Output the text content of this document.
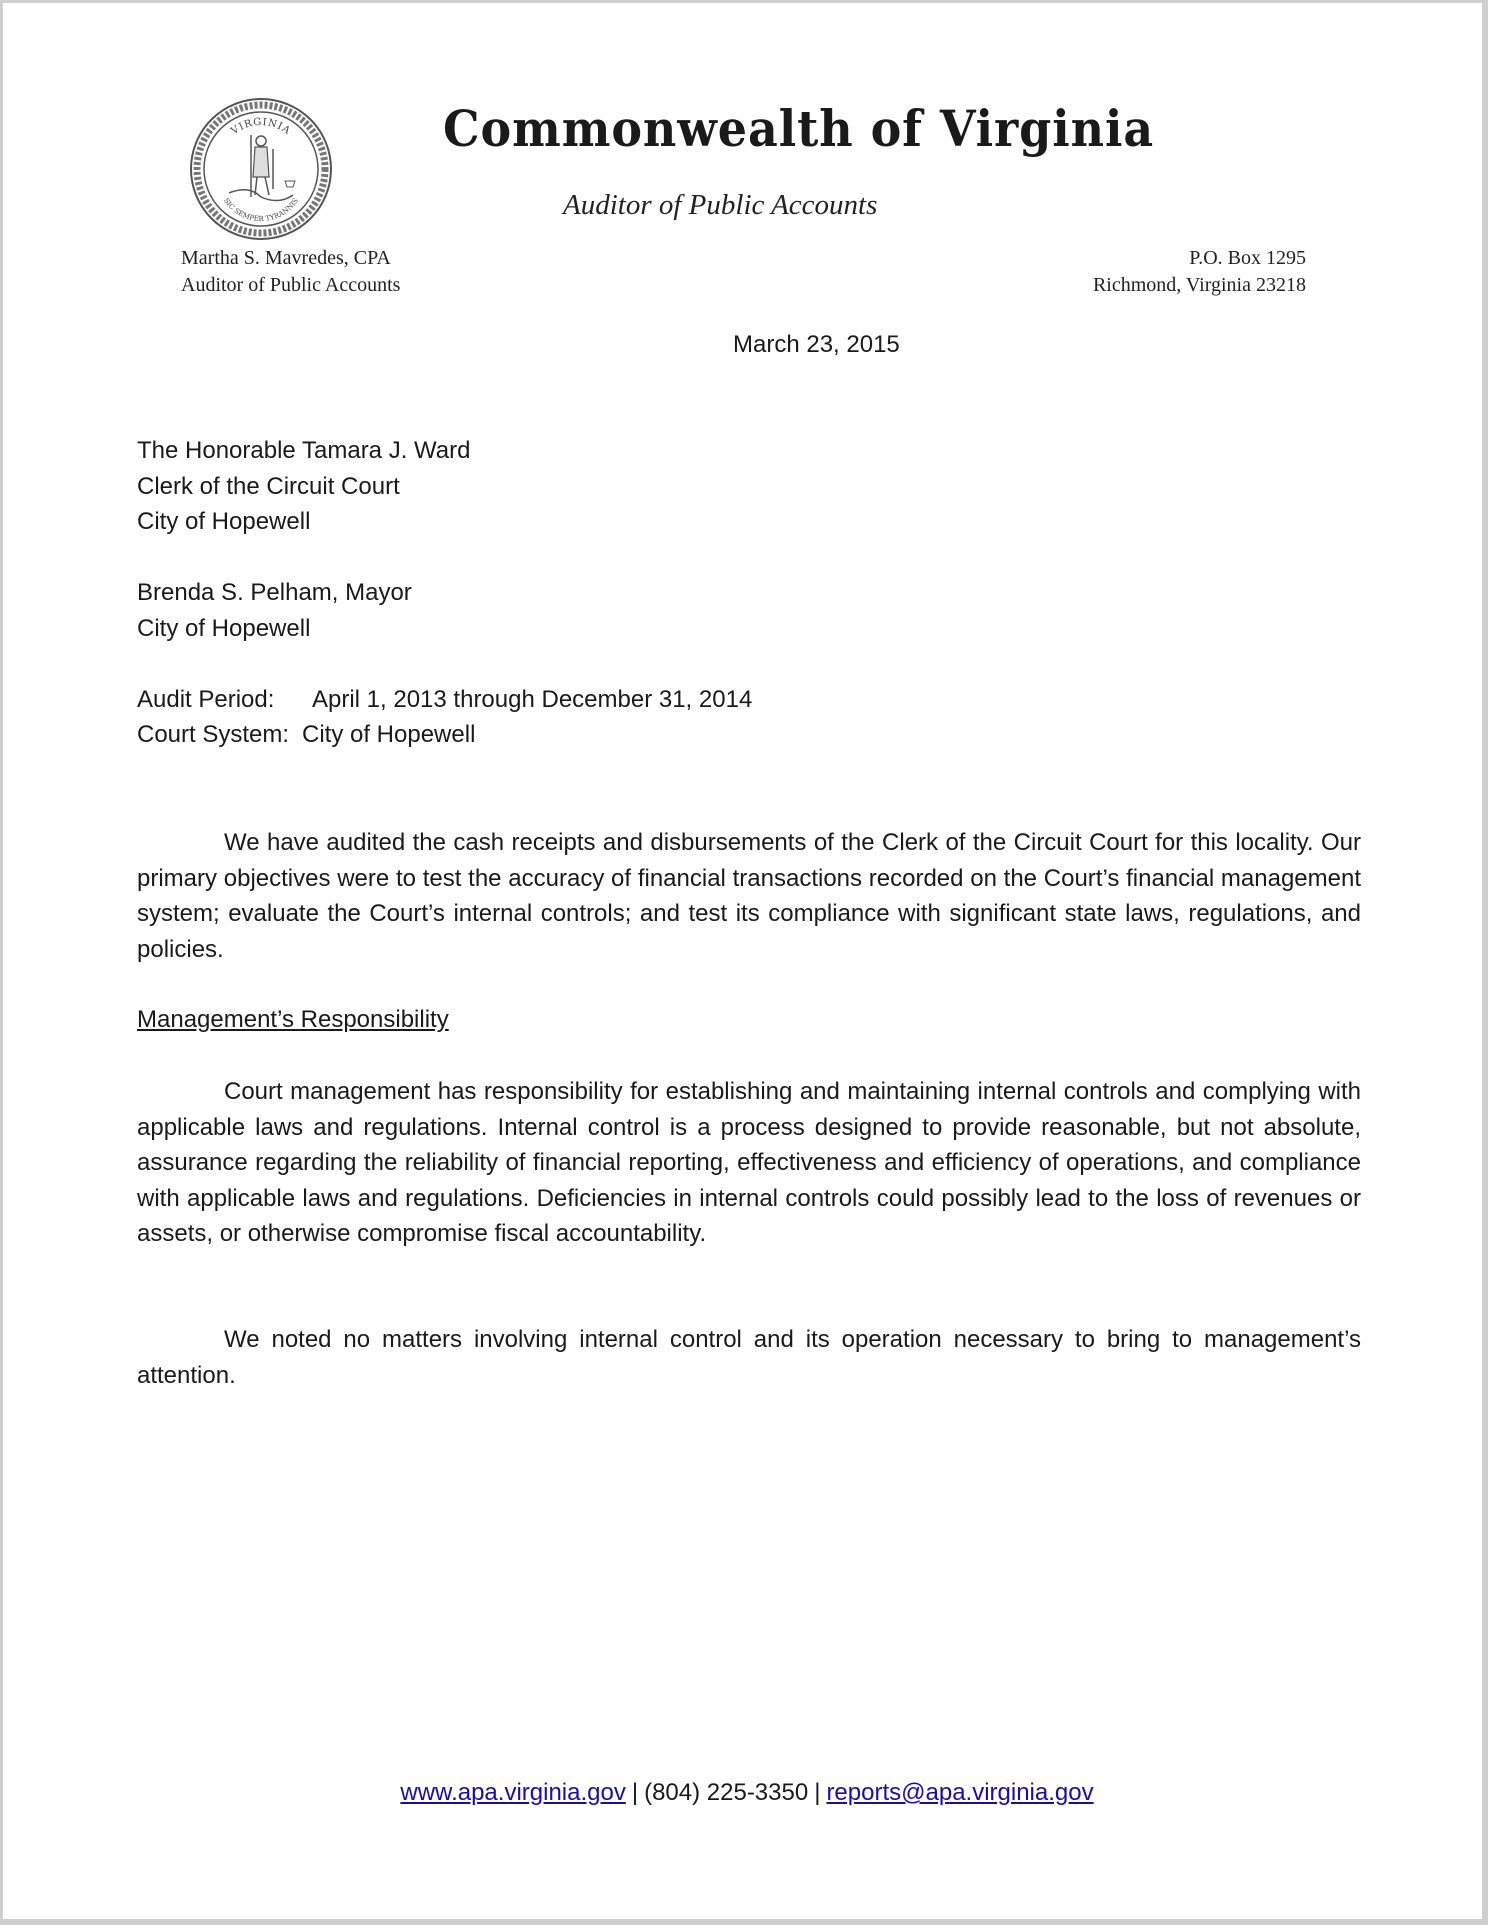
VIRGINIA
SIC SEMPER TYRANNIS
Commonwealth of Virginia
Auditor of Public Accounts
Martha S. Mavredes, CPA
Auditor of Public Accounts
P.O. Box 1295
Richmond, Virginia 23218
March 23, 2015
The Honorable Tamara J. Ward
Clerk of the Circuit Court
City of Hopewell
Brenda S. Pelham, Mayor
City of Hopewell
Audit Period: April 1, 2013 through December 31, 2014
Court System: City of Hopewell
We have audited the cash receipts and disbursements of the Clerk of the Circuit Court for this locality. Our primary objectives were to test the accuracy of financial transactions recorded on the Court’s financial management system; evaluate the Court’s internal controls; and test its compliance with significant state laws, regulations, and policies.
Management’s Responsibility
Court management has responsibility for establishing and maintaining internal controls and complying with applicable laws and regulations. Internal control is a process designed to provide reasonable, but not absolute, assurance regarding the reliability of financial reporting, effectiveness and efficiency of operations, and compliance with applicable laws and regulations. Deficiencies in internal controls could possibly lead to the loss of revenues or assets, or otherwise compromise fiscal accountability.
We noted no matters involving internal control and its operation necessary to bring to management’s attention.
www.apa.virginia.gov | (804) 225-3350 | reports@apa.virginia.gov
